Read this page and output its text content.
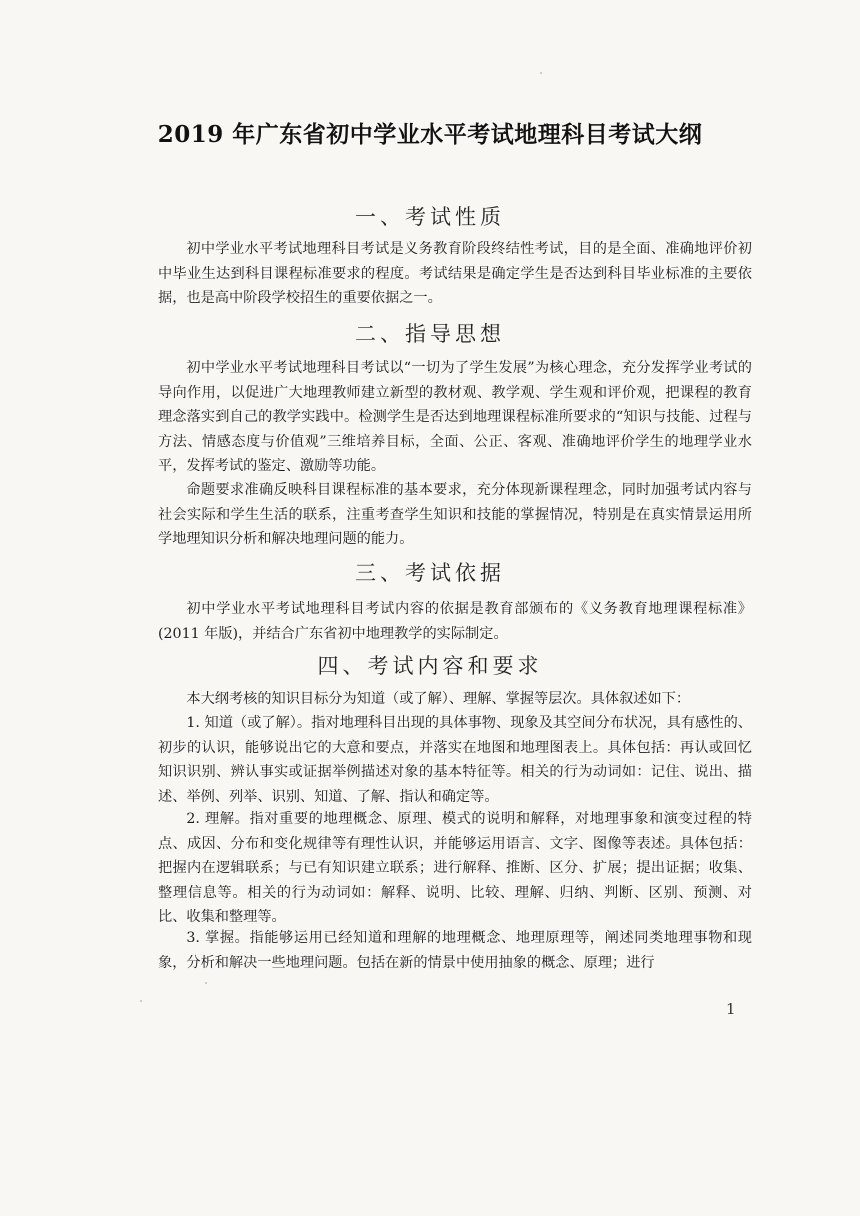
2019 年广东省初中学业水平考试地理科目考试大纲
一、考试性质

初中学业水平考试地理科目考试是义务教育阶段终结性考试，目的是全面、准确地评价初中毕业生达到科目课程标准要求的程度。考试结果是确定学生是否达到科目毕业标准的主要依据，也是高中阶段学校招生的重要依据之一。

二、指导思想

初中学业水平考试地理科目考试以“一切为了学生发展”为核心理念，充分发挥学业考试的导向作用，以促进广大地理教师建立新型的教材观、教学观、学生观和评价观，把课程的教育理念落实到自己的教学实践中。检测学生是否达到地理课程标准所要求的“知识与技能、过程与方法、情感态度与价值观”三维培养目标，全面、公正、客观、准确地评价学生的地理学业水平，发挥考试的鉴定、激励等功能。

命题要求准确反映科目课程标准的基本要求，充分体现新课程理念，同时加强考试内容与社会实际和学生生活的联系，注重考查学生知识和技能的掌握情况，特别是在真实情景运用所学地理知识分析和解决地理问题的能力。

三、考试依据

初中学业水平考试地理科目考试内容的依据是教育部颁布的《义务教育地理课程标准》(2011 年版)，并结合广东省初中地理教学的实际制定。

四、考试内容和要求

本大纲考核的知识目标分为知道（或了解）、理解、掌握等层次。具体叙述如下：

1. 知道（或了解）。指对地理科目出现的具体事物、现象及其空间分布状况，具有感性的、初步的认识，能够说出它的大意和要点，并落实在地图和地理图表上。具体包括：再认或回忆知识识别、辨认事实或证据举例描述对象的基本特征等。相关的行为动词如：记住、说出、描述、举例、列举、识别、知道、了解、指认和确定等。

2. 理解。指对重要的地理概念、原理、模式的说明和解释，对地理事象和演变过程的特点、成因、分布和变化规律等有理性认识，并能够运用语言、文字、图像等表述。具体包括：把握内在逻辑联系；与已有知识建立联系；进行解释、推断、区分、扩展；提出证据；收集、整理信息等。相关的行为动词如：解释、说明、比较、理解、归纳、判断、区别、预测、对比、收集和整理等。

3. 掌握。指能够运用已经知道和理解的地理概念、地理原理等，阐述同类地理事物和现象，分析和解决一些地理问题。包括在新的情景中使用抽象的概念、原理；进行

1
